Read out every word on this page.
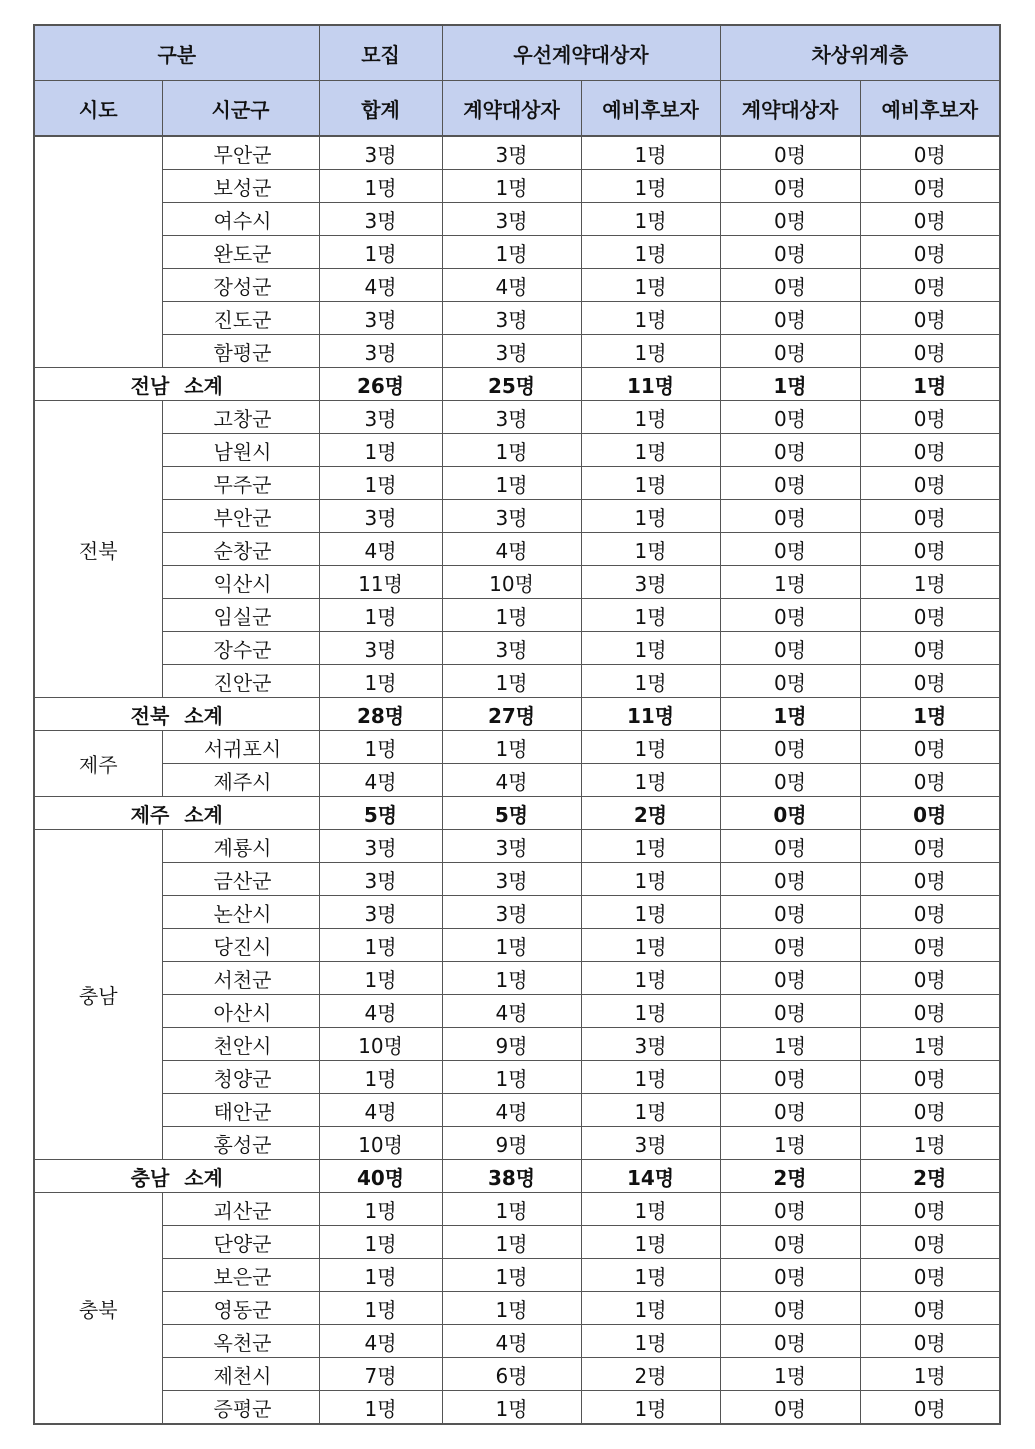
구분		모집	우선계약대상자		차상위계층	
시도	시군구	합계	계약대상자	예비후보자	계약대상자	예비후보자
	무안군	3명	3명	1명	0명	0명
	보성군	1명	1명	1명	0명	0명
	여수시	3명	3명	1명	0명	0명
	완도군	1명	1명	1명	0명	0명
	장성군	4명	4명	1명	0명	0명
	진도군	3명	3명	1명	0명	0명
	함평군	3명	3명	1명	0명	0명
전남 소계		26명	25명	11명	1명	1명
전북	고창군	3명	3명	1명	0명	0명
	남원시	1명	1명	1명	0명	0명
	무주군	1명	1명	1명	0명	0명
	부안군	3명	3명	1명	0명	0명
	순창군	4명	4명	1명	0명	0명
	익산시	11명	10명	3명	1명	1명
	임실군	1명	1명	1명	0명	0명
	장수군	3명	3명	1명	0명	0명
	진안군	1명	1명	1명	0명	0명
전북 소계		28명	27명	11명	1명	1명
제주	서귀포시	1명	1명	1명	0명	0명
	제주시	4명	4명	1명	0명	0명
제주 소계		5명	5명	2명	0명	0명
충남	계룡시	3명	3명	1명	0명	0명
	금산군	3명	3명	1명	0명	0명
	논산시	3명	3명	1명	0명	0명
	당진시	1명	1명	1명	0명	0명
	서천군	1명	1명	1명	0명	0명
	아산시	4명	4명	1명	0명	0명
	천안시	10명	9명	3명	1명	1명
	청양군	1명	1명	1명	0명	0명
	태안군	4명	4명	1명	0명	0명
	홍성군	10명	9명	3명	1명	1명
충남 소계		40명	38명	14명	2명	2명
충북	괴산군	1명	1명	1명	0명	0명
	단양군	1명	1명	1명	0명	0명
	보은군	1명	1명	1명	0명	0명
	영동군	1명	1명	1명	0명	0명
	옥천군	4명	4명	1명	0명	0명
	제천시	7명	6명	2명	1명	1명
	증평군	1명	1명	1명	0명	0명
